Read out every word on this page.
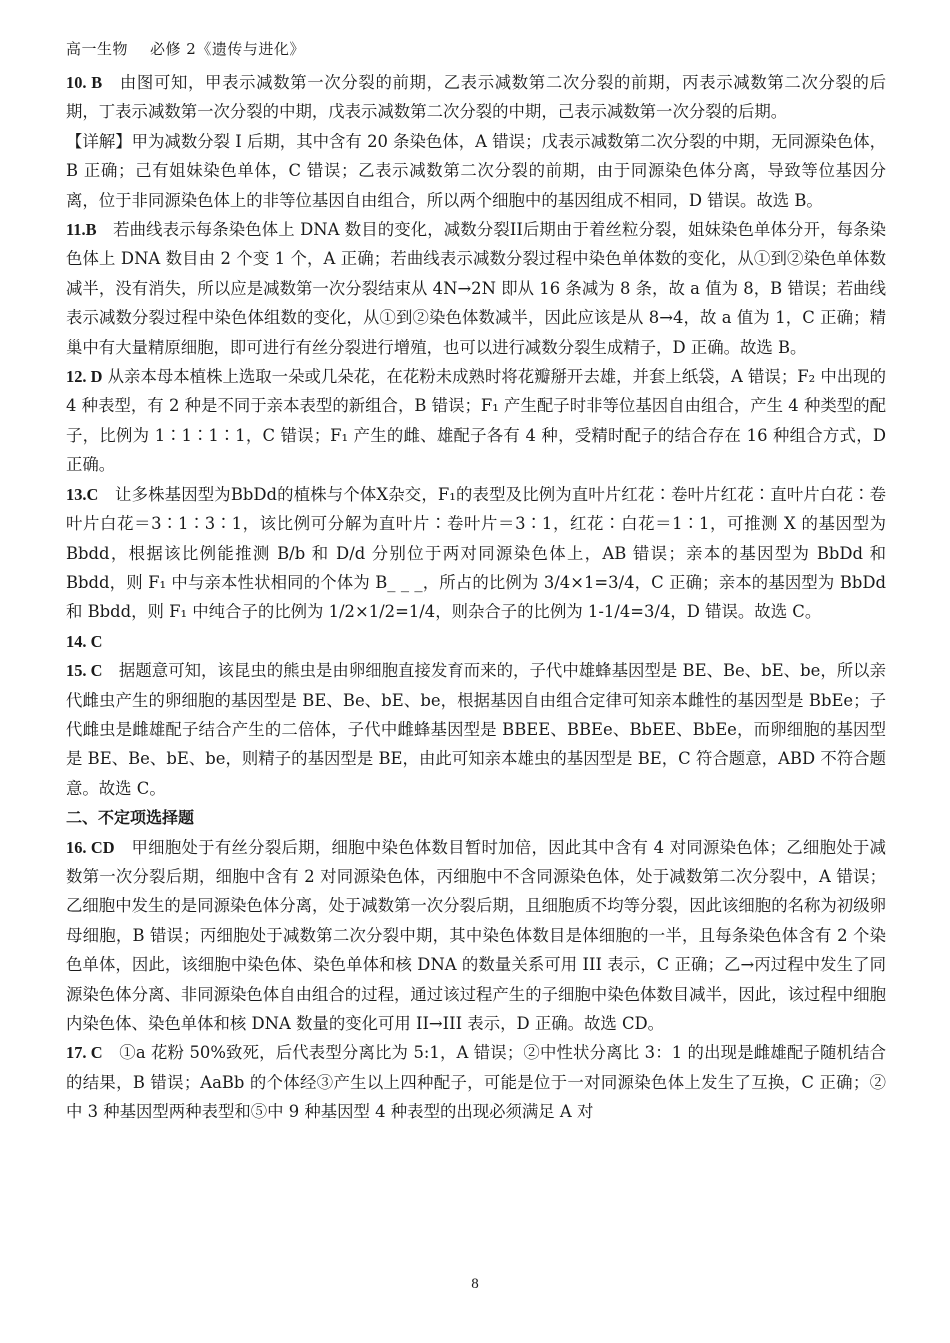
高一生物 必修 2《遗传与进化》

10. B　由图可知，甲表示减数第一次分裂的前期，乙表示减数第二次分裂的前期，丙表示减数第二次分裂的后期，丁表示减数第一次分裂的中期，戊表示减数第二次分裂的中期，己表示减数第一次分裂的后期。

【详解】甲为减数分裂 I 后期，其中含有 20 条染色体，A 错误；戊表示减数第二次分裂的中期，无同源染色体，B 正确；己有姐妹染色单体，C 错误；乙表示减数第二次分裂的前期，由于同源染色体分离，导致等位基因分离，位于非同源染色体上的非等位基因自由组合，所以两个细胞中的基因组成不相同，D 错误。故选 B。

11.B　若曲线表示每条染色体上 DNA 数目的变化，减数分裂II后期由于着丝粒分裂，姐妹染色单体分开，每条染色体上 DNA 数目由 2 个变 1 个，A 正确；若曲线表示减数分裂过程中染色单体数的变化，从①到②染色单体数减半，没有消失，所以应是减数第一次分裂结束从 4N→2N 即从 16 条减为 8 条，故 a 值为 8，B 错误；若曲线表示减数分裂过程中染色体组数的变化，从①到②染色体数减半，因此应该是从 8→4，故 a 值为 1，C 正确；精巢中有大量精原细胞，即可进行有丝分裂进行增殖，也可以进行减数分裂生成精子，D 正确。故选 B。

12. D 从亲本母本植株上选取一朵或几朵花，在花粉未成熟时将花瓣掰开去雄，并套上纸袋，A 错误；F₂ 中出现的 4 种表型，有 2 种是不同于亲本表型的新组合，B 错误；F₁ 产生配子时非等位基因自由组合，产生 4 种类型的配子，比例为 1∶1∶1∶1，C 错误；F₁ 产生的雌、雄配子各有 4 种，受精时配子的结合存在 16 种组合方式，D 正确。

13.C　让多株基因型为BbDd的植株与个体X杂交，F₁的表型及比例为直叶片红花∶卷叶片红花∶直叶片白花∶卷叶片白花＝3∶1∶3∶1，该比例可分解为直叶片∶卷叶片＝3∶1，红花∶白花＝1∶1，可推测 X 的基因型为 Bbdd，根据该比例能推测 B/b 和 D/d 分别位于两对同源染色体上，AB 错误；亲本的基因型为 BbDd 和 Bbdd，则 F₁ 中与亲本性状相同的个体为 B_ _ _，所占的比例为 3/4×1=3/4，C 正确；亲本的基因型为 BbDd 和 Bbdd，则 F₁ 中纯合子的比例为 1/2×1/2=1/4，则杂合子的比例为 1-1/4=3/4，D 错误。故选 C。

14. C

15. C　据题意可知，该昆虫的熊虫是由卵细胞直接发育而来的，子代中雄蜂基因型是 BE、Be、bE、be，所以亲代雌虫产生的卵细胞的基因型是 BE、Be、bE、be，根据基因自由组合定律可知亲本雌性的基因型是 BbEe；子代雌虫是雌雄配子结合产生的二倍体，子代中雌蜂基因型是 BBEE、BBEe、BbEE、BbEe，而卵细胞的基因型是 BE、Be、bE、be，则精子的基因型是 BE，由此可知亲本雄虫的基因型是 BE，C 符合题意，ABD 不符合题意。故选 C。

二、不定项选择题

16. CD　甲细胞处于有丝分裂后期，细胞中染色体数目暂时加倍，因此其中含有 4 对同源染色体；乙细胞处于减数第一次分裂后期，细胞中含有 2 对同源染色体，丙细胞中不含同源染色体，处于减数第二次分裂中，A 错误；乙细胞中发生的是同源染色体分离，处于减数第一次分裂后期，且细胞质不均等分裂，因此该细胞的名称为初级卵母细胞，B 错误；丙细胞处于减数第二次分裂中期，其中染色体数目是体细胞的一半，且每条染色体含有 2 个染色单体，因此，该细胞中染色体、染色单体和核 DNA 的数量关系可用 III 表示，C 正确；乙→丙过程中发生了同源染色体分离、非同源染色体自由组合的过程，通过该过程产生的子细胞中染色体数目减半，因此，该过程中细胞内染色体、染色单体和核 DNA 数量的变化可用 II→III 表示，D 正确。故选 CD。

17. C　①a 花粉 50%致死，后代表型分离比为 5:1，A 错误；②中性状分离比 3：1 的出现是雌雄配子随机结合的结果，B 错误；AaBb 的个体经③产生以上四种配子，可能是位于一对同源染色体上发生了互换，C 正确；②中 3 种基因型两种表型和⑤中 9 种基因型 4 种表型的出现必须满足 A 对

8
